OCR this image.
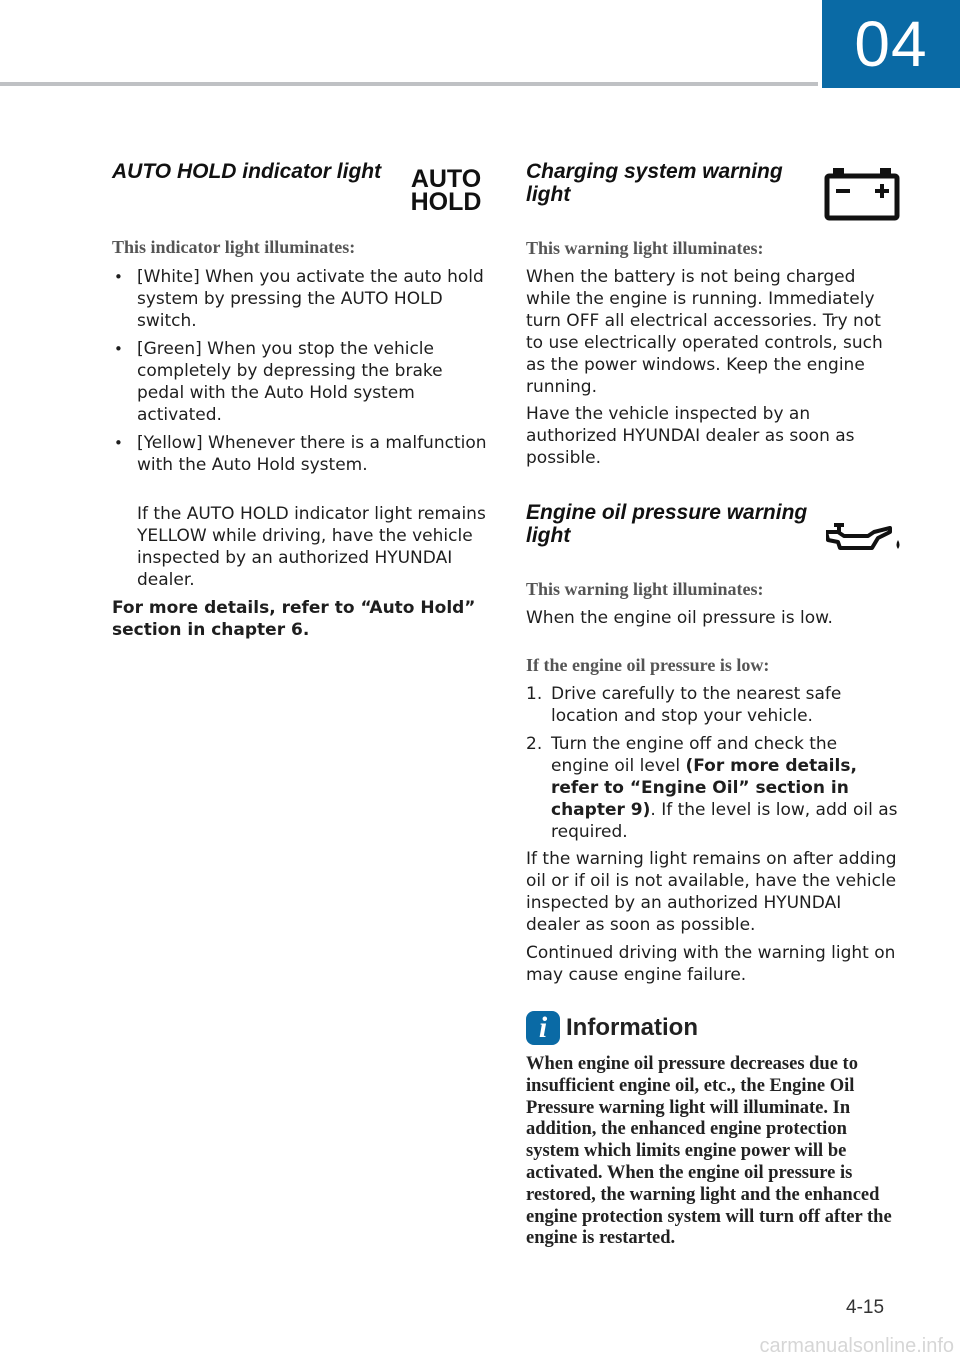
04
AUTO HOLD indicator light	AUTO
HOLD

This indicator light illuminates:

• [White] When you activate the auto hold system by pressing the AUTO HOLD switch.
• [Green] When you stop the vehicle completely by depressing the brake pedal with the Auto Hold system activated.
• [Yellow] Whenever there is a malfunction with the Auto Hold system.

If the AUTO HOLD indicator light remains YELLOW while driving, have the vehicle inspected by an authorized HYUNDAI dealer.

For more details, refer to “Auto Hold” section in chapter 6.

Charging system warning
light

This warning light illuminates:

When the battery is not being charged while the engine is running. Immediately turn OFF all electrical accessories. Try not to use electrically operated controls, such as the power windows. Keep the engine running.

Have the vehicle inspected by an authorized HYUNDAI dealer as soon as possible.

Engine oil pressure warning
light

This warning light illuminates:

When the engine oil pressure is low.

If the engine oil pressure is low:

1. Drive carefully to the nearest safe location and stop your vehicle.
2. Turn the engine off and check the engine oil level (For more details, refer to “Engine Oil” section in chapter 9). If the level is low, add oil as required.

If the warning light remains on after adding oil or if oil is not available, have the vehicle inspected by an authorized HYUNDAI dealer as soon as possible.

Continued driving with the warning light on may cause engine failure.

i Information

When engine oil pressure decreases due to insufficient engine oil, etc., the Engine Oil Pressure warning light will illuminate. In addition, the enhanced engine protection system which limits engine power will be activated. When the engine oil pressure is restored, the warning light and the enhanced engine protection system will turn off after the engine is restarted.

4-15
carmanualsonline.info
